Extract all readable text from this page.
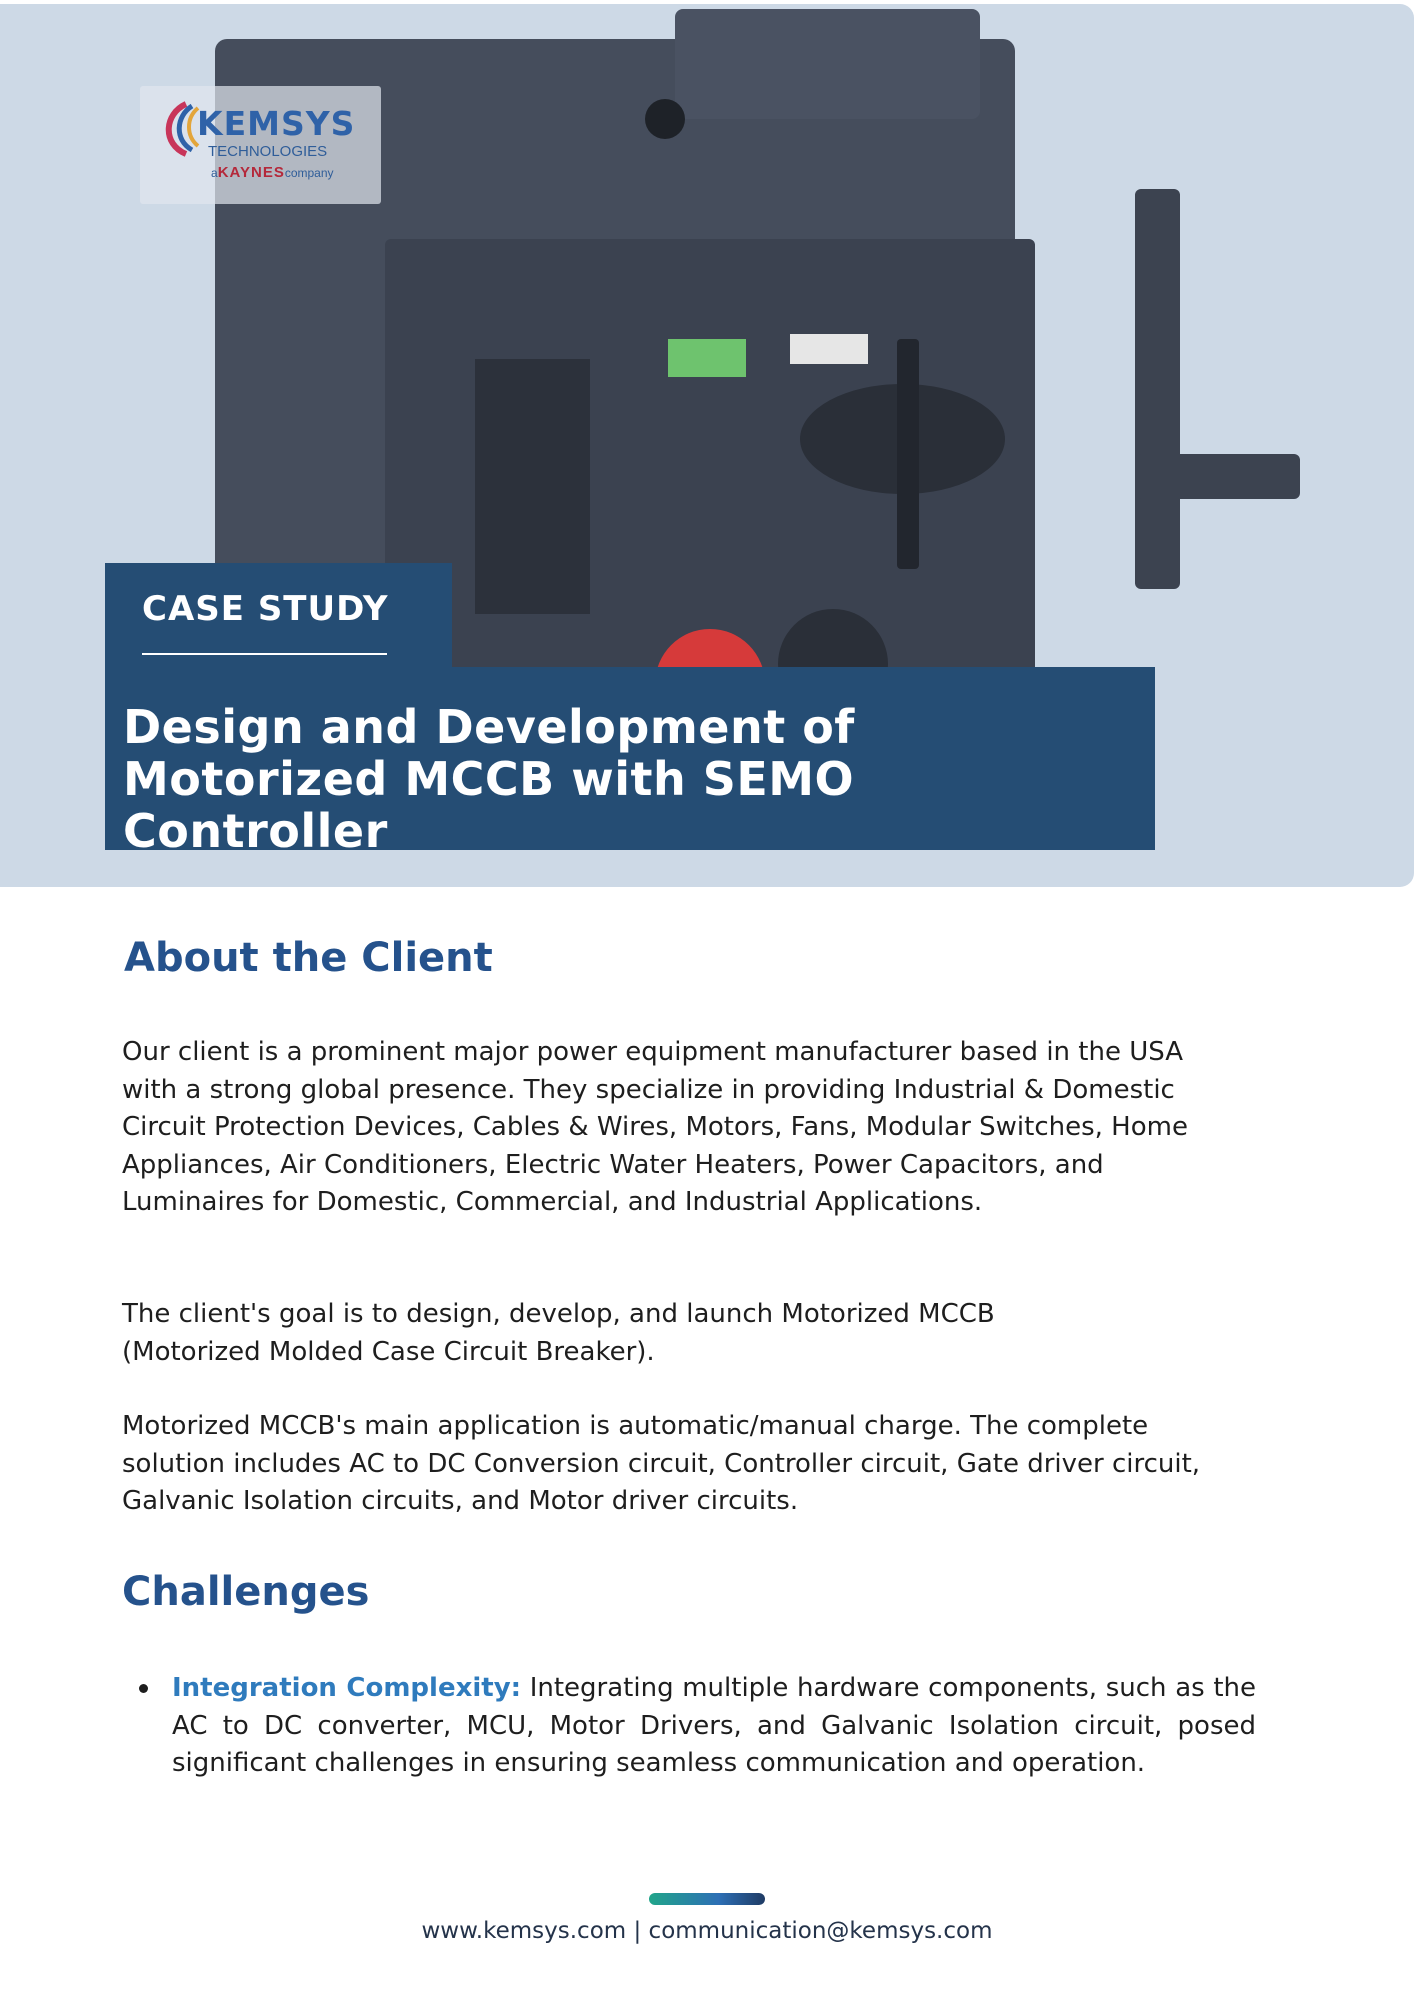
KEMSYS
TECHNOLOGIES
aKAYNEScompany
CASE STUDY
Design and Development of Motorized MCCB with SEMO Controller
About the Client

Our client is a prominent major power equipment manufacturer based in the USA with a strong global presence. They specialize in providing Industrial & Domestic Circuit Protection Devices, Cables & Wires, Motors, Fans, Modular Switches, Home Appliances, Air Conditioners, Electric Water Heaters, Power Capacitors, and Luminaires for Domestic, Commercial, and Industrial Applications.

The client's goal is to design, develop, and launch Motorized MCCB (Motorized Molded Case Circuit Breaker).

Motorized MCCB's main application is automatic/manual charge. The complete solution includes AC to DC Conversion circuit, Controller circuit, Gate driver circuit, Galvanic Isolation circuits, and Motor driver circuits.

Challenges
Integration Complexity: Integrating multiple hardware components, such as the AC to DC converter, MCU, Motor Drivers, and Galvanic Isolation circuit, posed significant challenges in ensuring seamless communication and operation.
www.kemsys.com | communication@kemsys.com
